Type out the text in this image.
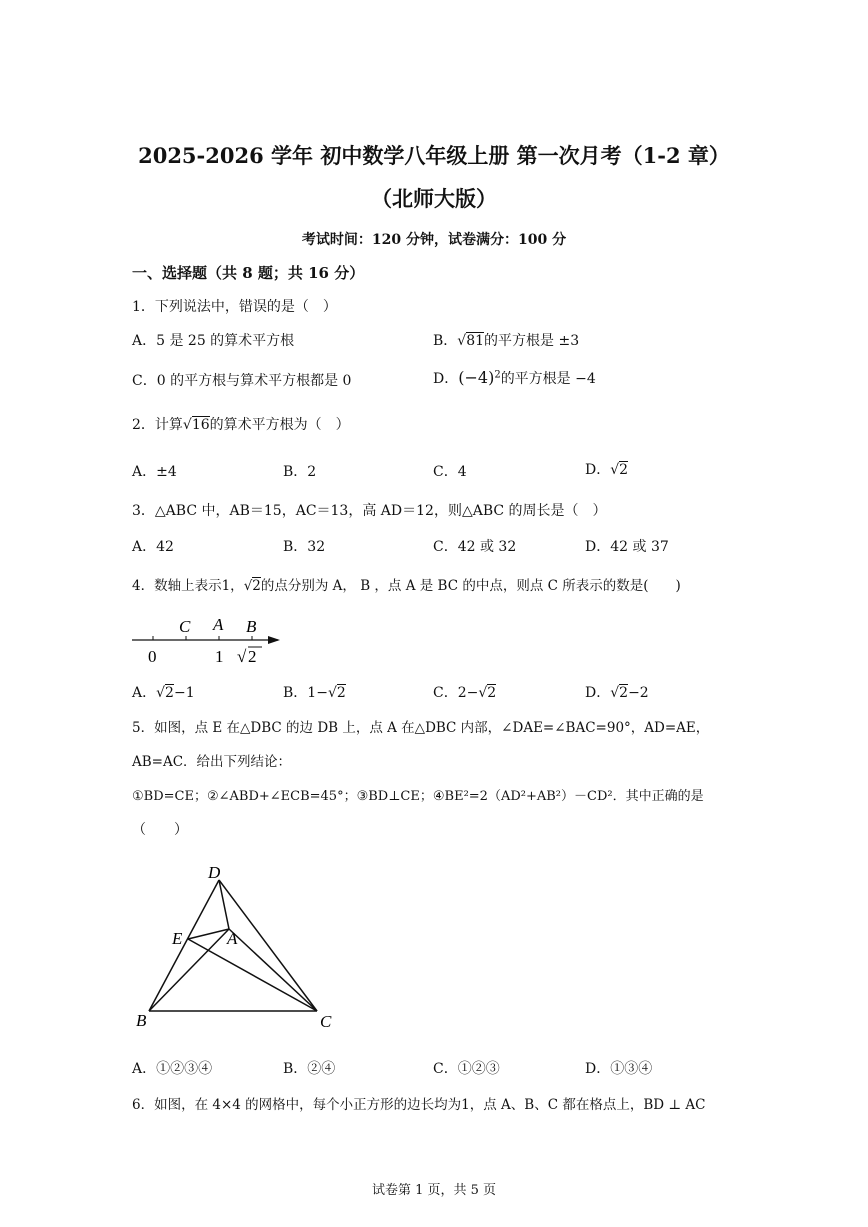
2025-2026 学年 初中数学八年级上册 第一次月考（1-2 章）
（北师大版）
考试时间：120 分钟，试卷满分：100 分
一、选择题（共 8 题；共 16 分）
1．下列说法中，错误的是（　）
A．5 是 25 的算术平方根	B．√81的平方根是 ±3
C．0 的平方根与算术平方根都是 0	D．$(-4)^2$的平方根是 −4
2．计算√16的算术平方根为（　）
A．±4	B．2	C．4	D．√2
3．△ABC 中，AB＝15，AC＝13，高 AD＝12，则△ABC 的周长是（　）
A．42	B．32	C．42 或 32	D．42 或 37
4．数轴上表示1，√2的点分别为 A， B ，点 A 是 BC 的中点，则点 C 所表示的数是(　　)
C A B
0	1 √ 2
A．√2−1	B．1−√2	C．2−√2	D．√2−2
5．如图，点 E 在△DBC 的边 DB 上，点 A 在△DBC 内部，∠DAE=∠BAC=90°，AD=AE，
AB=AC．给出下列结论：
①BD=CE；②∠ABD+∠ECB=45°；③BD⊥CE；④BE²=2（AD²+AB²）－CD²．其中正确的是
（　　）
D
E	A
B	C
A．①②③④	B．②④	C．①②③	D．①③④
6．如图，在 4×4 的网格中，每个小正方形的边长均为1，点 A、B、C 都在格点上，BD ⊥ AC
试卷第 1 页，共 5 页
